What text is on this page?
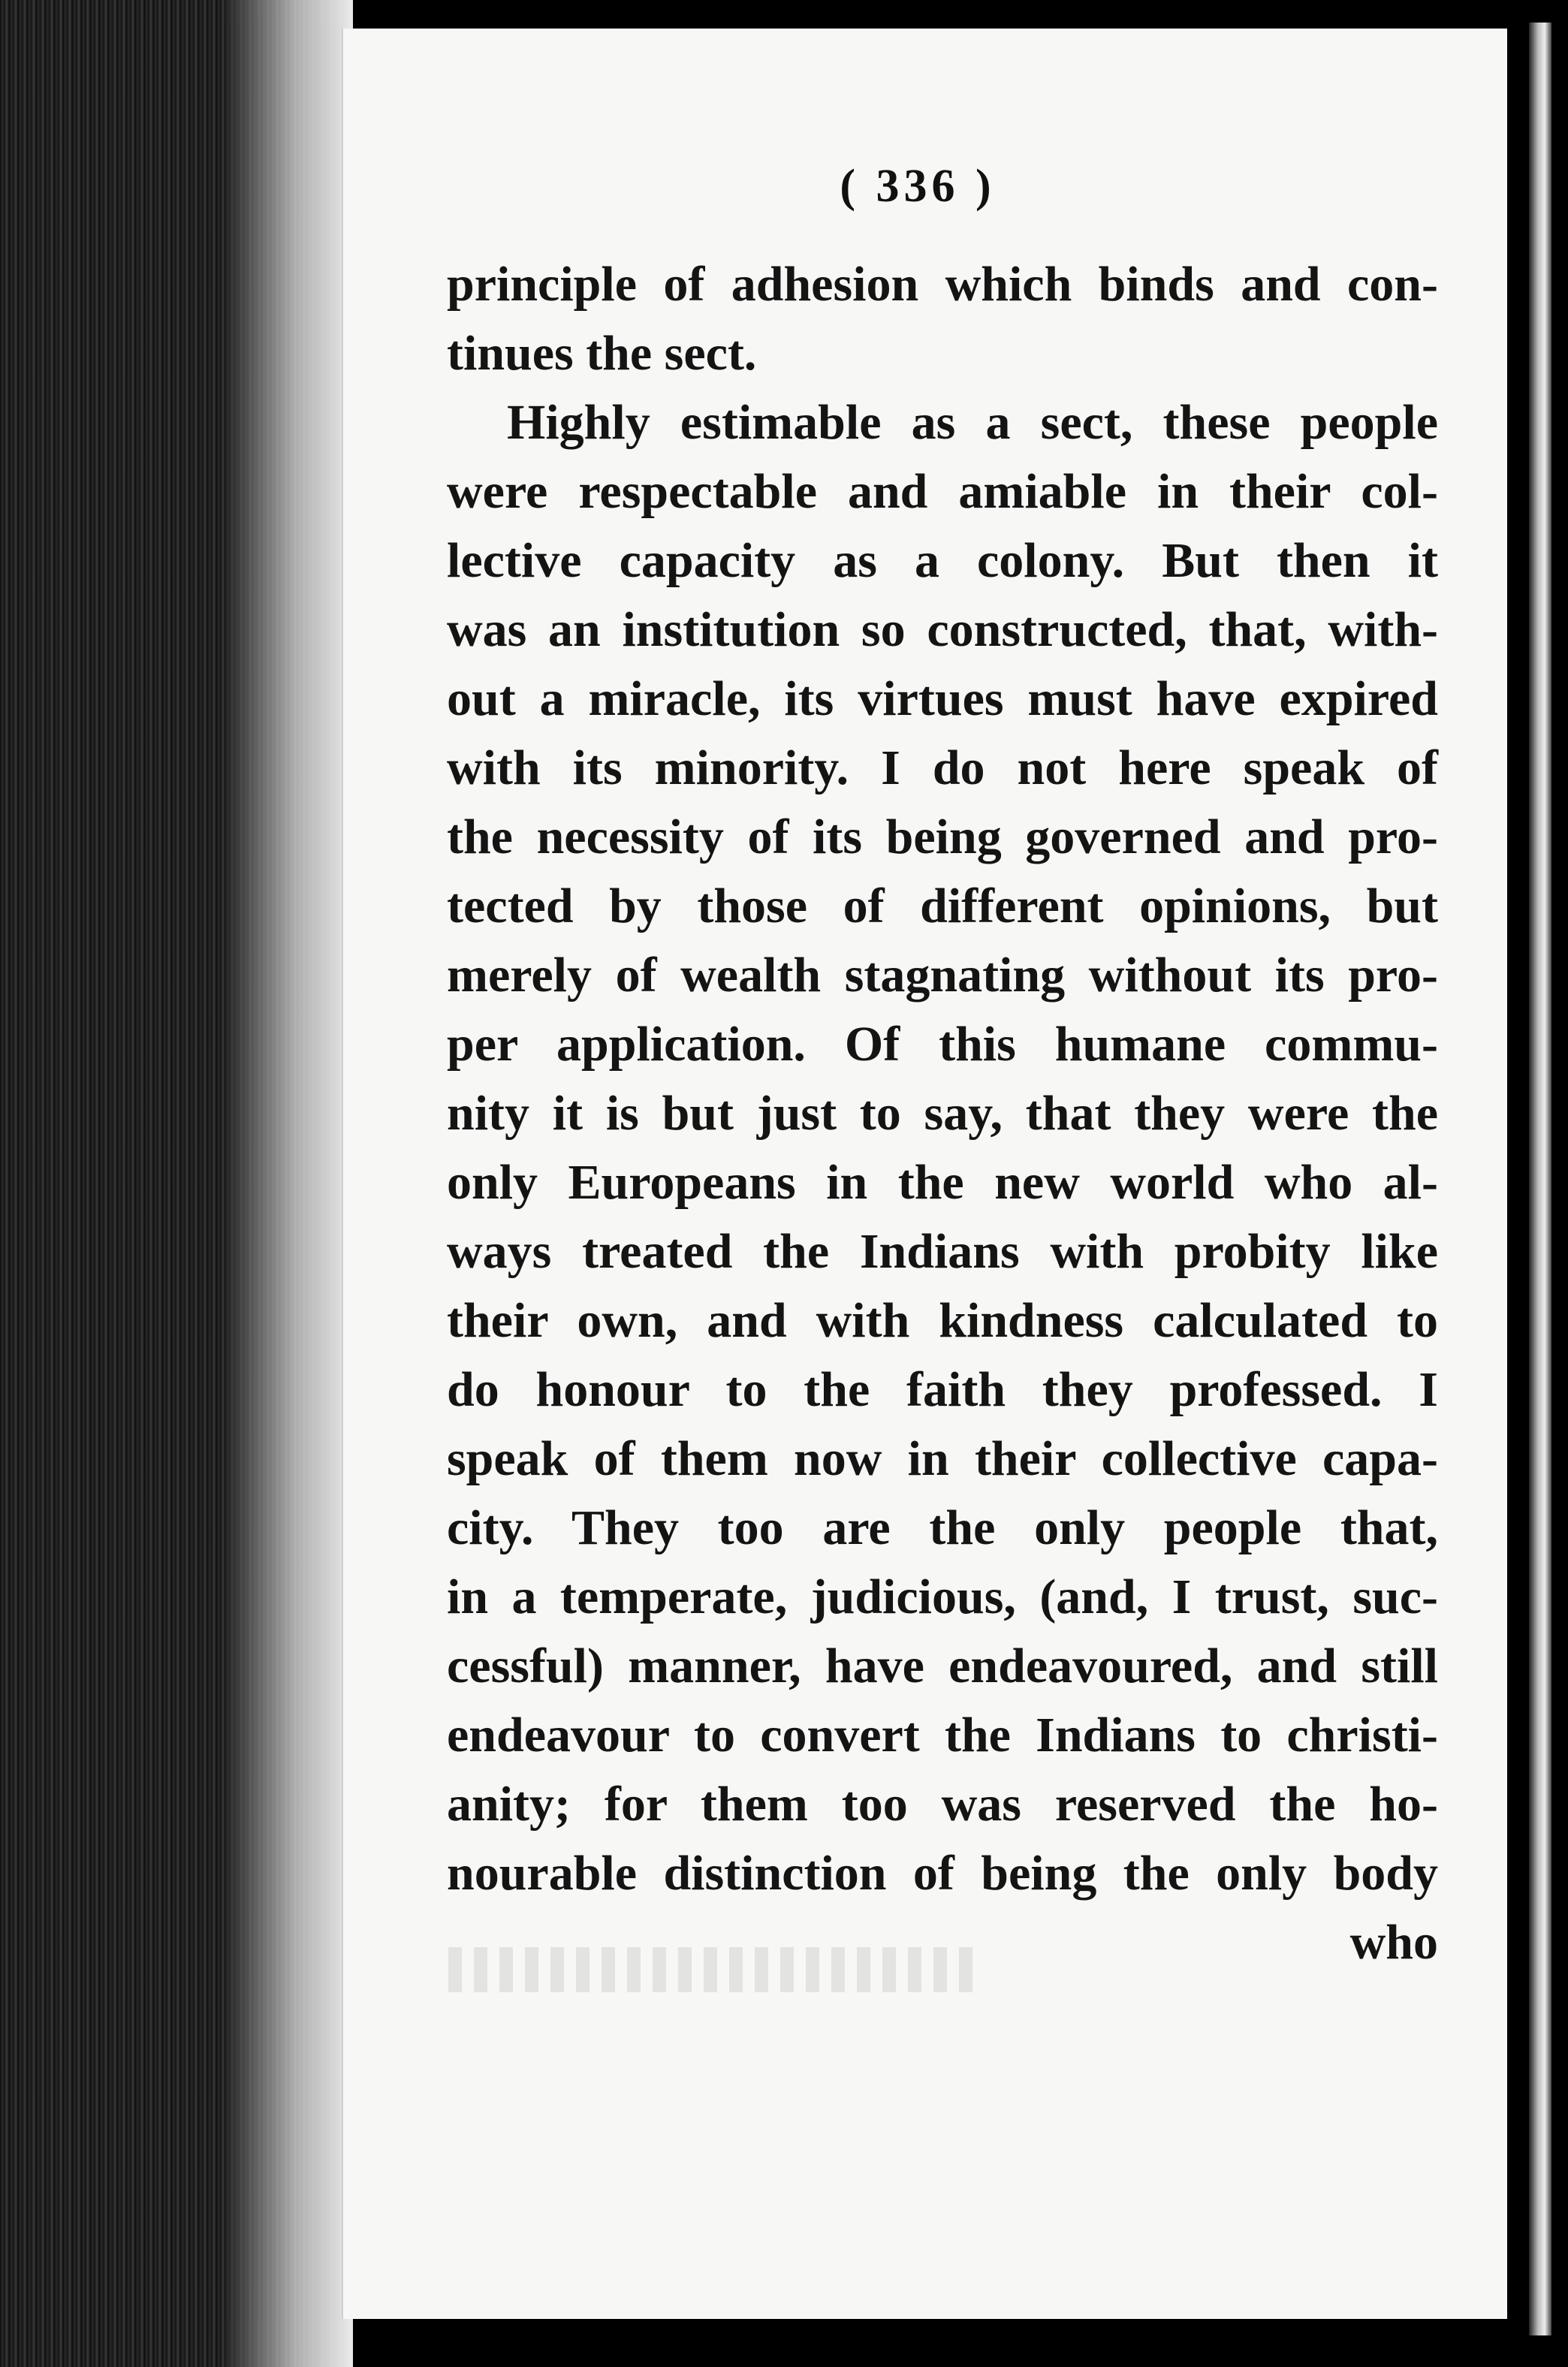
( 336 )
principle of adhesion which binds and con-
tinues the sect.
Highly estimable as a sect, these people
were respectable and amiable in their col-
lective capacity as a colony. But then it
was an institution so constructed, that, with-
out a miracle, its virtues must have expired
with its minority. I do not here speak of
the necessity of its being governed and pro-
tected by those of different opinions, but
merely of wealth stagnating without its pro-
per application. Of this humane commu-
nity it is but just to say, that they were the
only Europeans in the new world who al-
ways treated the Indians with probity like
their own, and with kindness calculated to
do honour to the faith they professed. I
speak of them now in their collective capa-
city. They too are the only people that,
in a temperate, judicious, (and, I trust, suc-
cessful) manner, have endeavoured, and still
endeavour to convert the Indians to christi-
anity; for them too was reserved the ho-
nourable distinction of being the only body
who
